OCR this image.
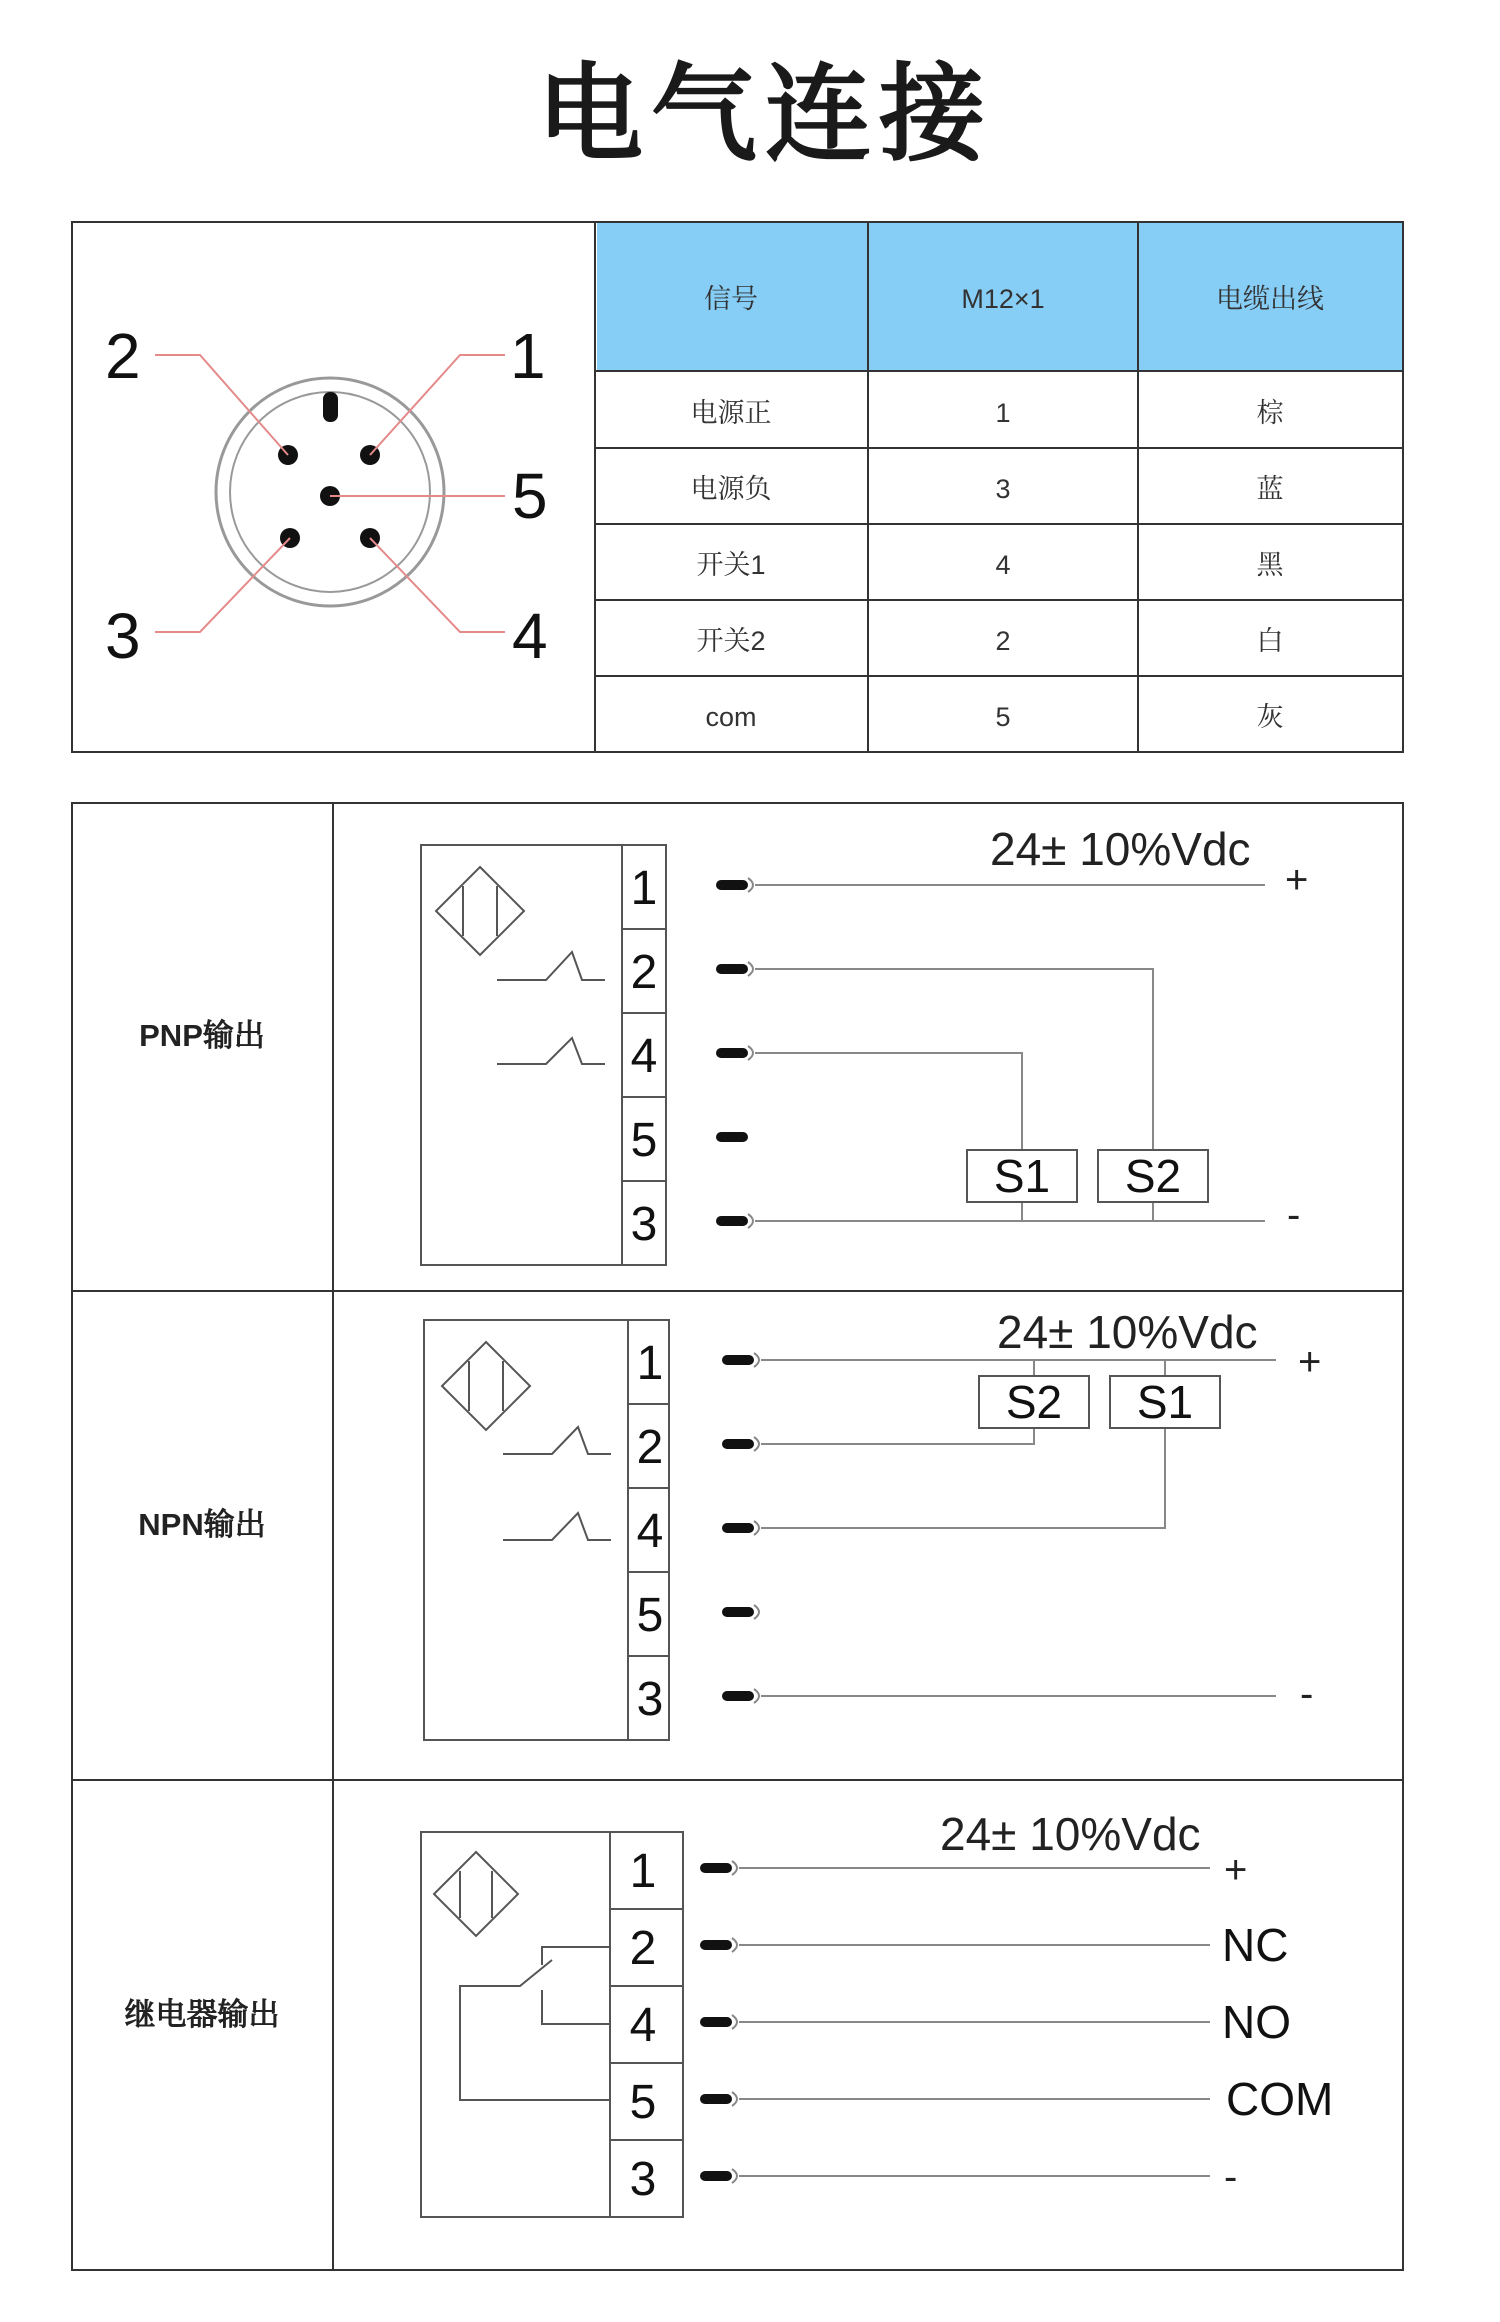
电气连接
2	1
5
3	4
信号	M12×1	电缆出线
电源正	1	棕
电源负	3	蓝
开关1	4	黑
开关2	2	白
com	5	灰
PNP输出
NPN输出
继电器输出
1
2
4
5
3
S1 S2
24± 10%Vdc
+
-
1
2
4
5
3
S2 S1
24± 10%Vdc
+
-
1
2
4
5
3
24± 10%Vdc
+
NC
NO
COM
-
